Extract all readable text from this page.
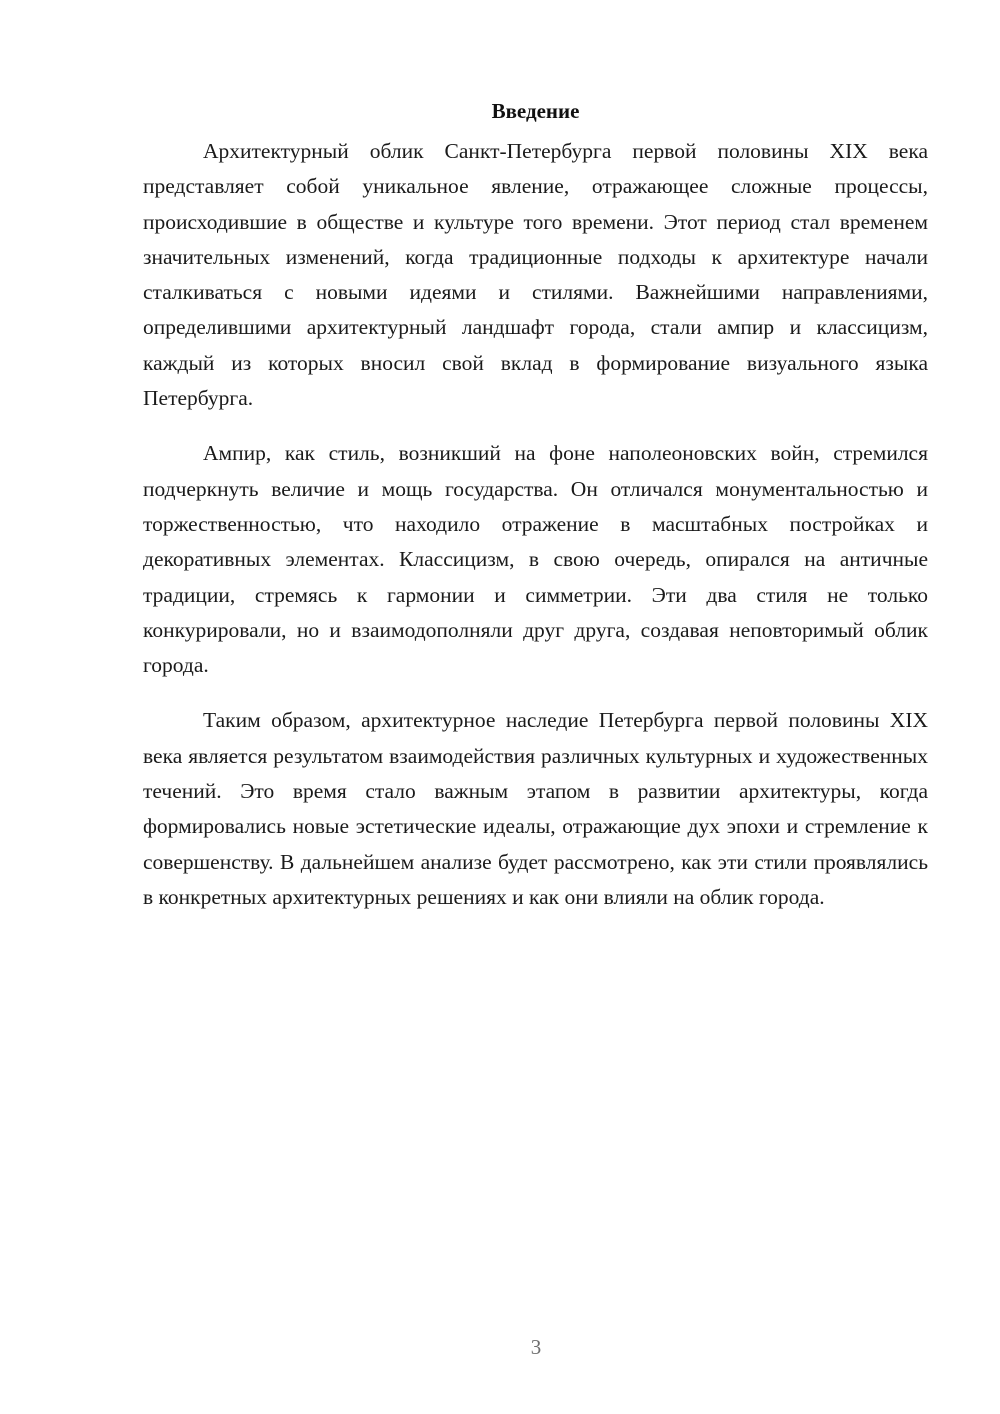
Введение

Архитектурный облик Санкт-Петербурга первой половины XIX века представляет собой уникальное явление, отражающее сложные процессы, происходившие в обществе и культуре того времени. Этот период стал временем значительных изменений, когда традиционные подходы к архитектуре начали сталкиваться с новыми идеями и стилями. Важнейшими направлениями, определившими архитектурный ландшафт города, стали ампир и классицизм, каждый из которых вносил свой вклад в формирование визуального языка Петербурга.

Ампир, как стиль, возникший на фоне наполеоновских войн, стремился подчеркнуть величие и мощь государства. Он отличался монументальностью и торжественностью, что находило отражение в масштабных постройках и декоративных элементах. Классицизм, в свою очередь, опирался на античные традиции, стремясь к гармонии и симметрии. Эти два стиля не только конкурировали, но и взаимодополняли друг друга, создавая неповторимый облик города.

Таким образом, архитектурное наследие Петербурга первой половины XIX века является результатом взаимодействия различных культурных и художественных течений. Это время стало важным этапом в развитии архитектуры, когда формировались новые эстетические идеалы, отражающие дух эпохи и стремление к совершенству. В дальнейшем анализе будет рассмотрено, как эти стили проявлялись в конкретных архитектурных решениях и как они влияли на облик города.

3
